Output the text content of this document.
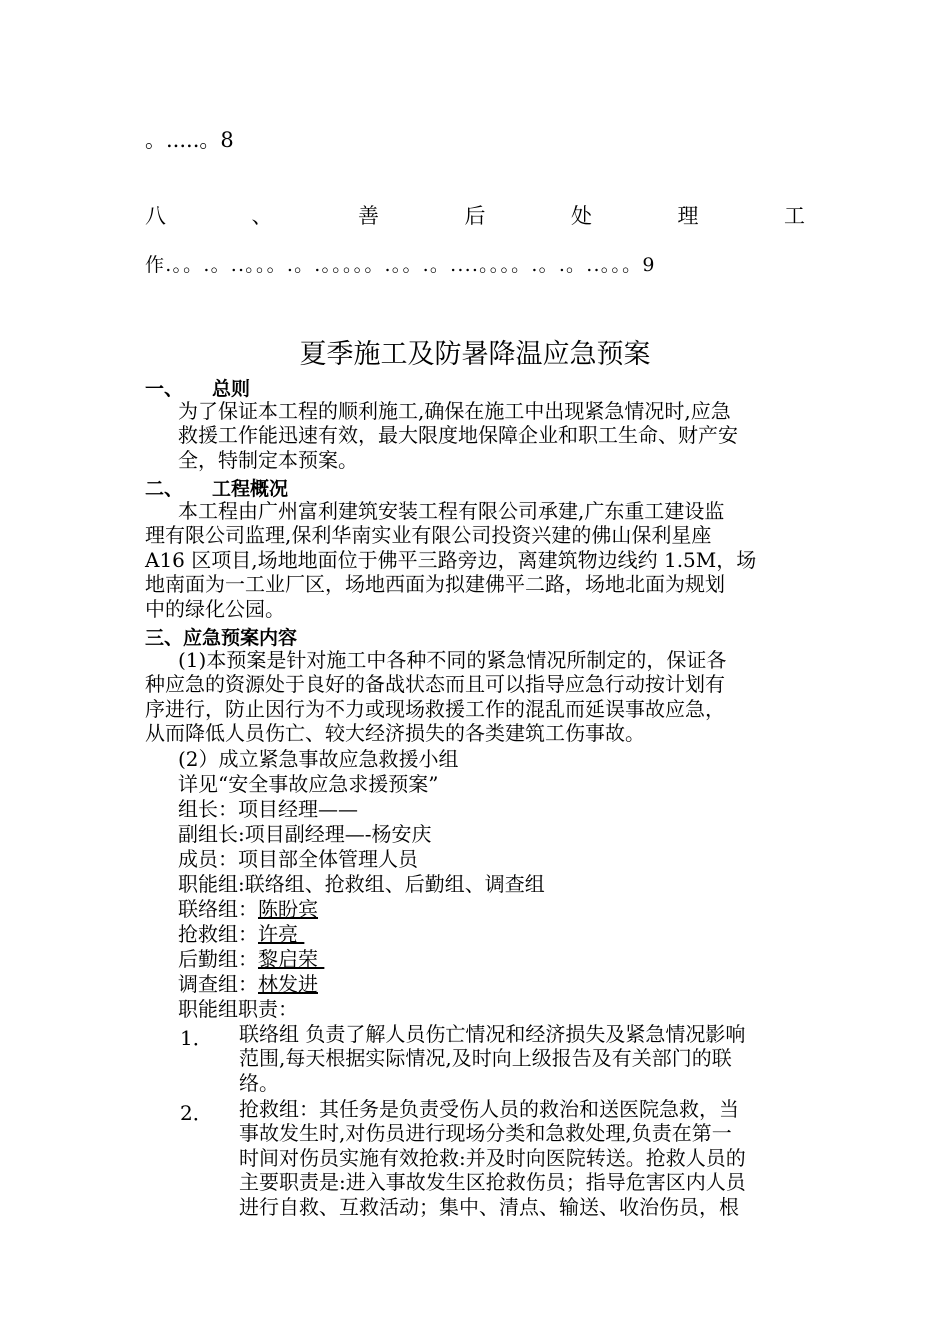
。.....。8
八	、	善	后	处	理	工
作.。。.。..。。。.。.。。。。。.。。.。....。。。。.。.。..。。。9
夏季施工及防暑降温应急预案
一、 总则
为了保证本工程的顺利施工,确保在施工中出现紧急情况时,应急
救援工作能迅速有效，最大限度地保障企业和职工生命、财产安
全，特制定本预案。
二、 工程概况
本工程由广州富利建筑安装工程有限公司承建,广东重工建设监
理有限公司监理,保利华南实业有限公司投资兴建的佛山保利星座
A16 区项目,场地地面位于佛平三路旁边，离建筑物边线约 1.5M，场
地南面为一工业厂区，场地西面为拟建佛平二路，场地北面为规划
中的绿化公园。
三、应急预案内容
(1)本预案是针对施工中各种不同的紧急情况所制定的，保证各
种应急的资源处于良好的备战状态而且可以指导应急行动按计划有
序进行，防止因行为不力或现场救援工作的混乱而延误事故应急，
从而降低人员伤亡、较大经济损失的各类建筑工伤事故。
(2）成立紧急事故应急救援小组
详见“安全事故应急求援预案”
组长：项目经理——
副组长:项目副经理—-杨安庆
成员：项目部全体管理人员
职能组:联络组、抢救组、后勤组、调查组
联络组：陈盼宾
抢救组：许亮
后勤组：黎启荣
调查组：林发进
职能组职责：
1． 联络组 负责了解人员伤亡情况和经济损失及紧急情况影响
范围,每天根据实际情况,及时向上级报告及有关部门的联
络。
2． 抢救组：其任务是负责受伤人员的救治和送医院急救，当
事故发生时,对伤员进行现场分类和急救处理,负责在第一
时间对伤员实施有效抢救:并及时向医院转送。抢救人员的
主要职责是:进入事故发生区抢救伤员；指导危害区内人员
进行自救、互救活动；集中、清点、输送、收治伤员，根
